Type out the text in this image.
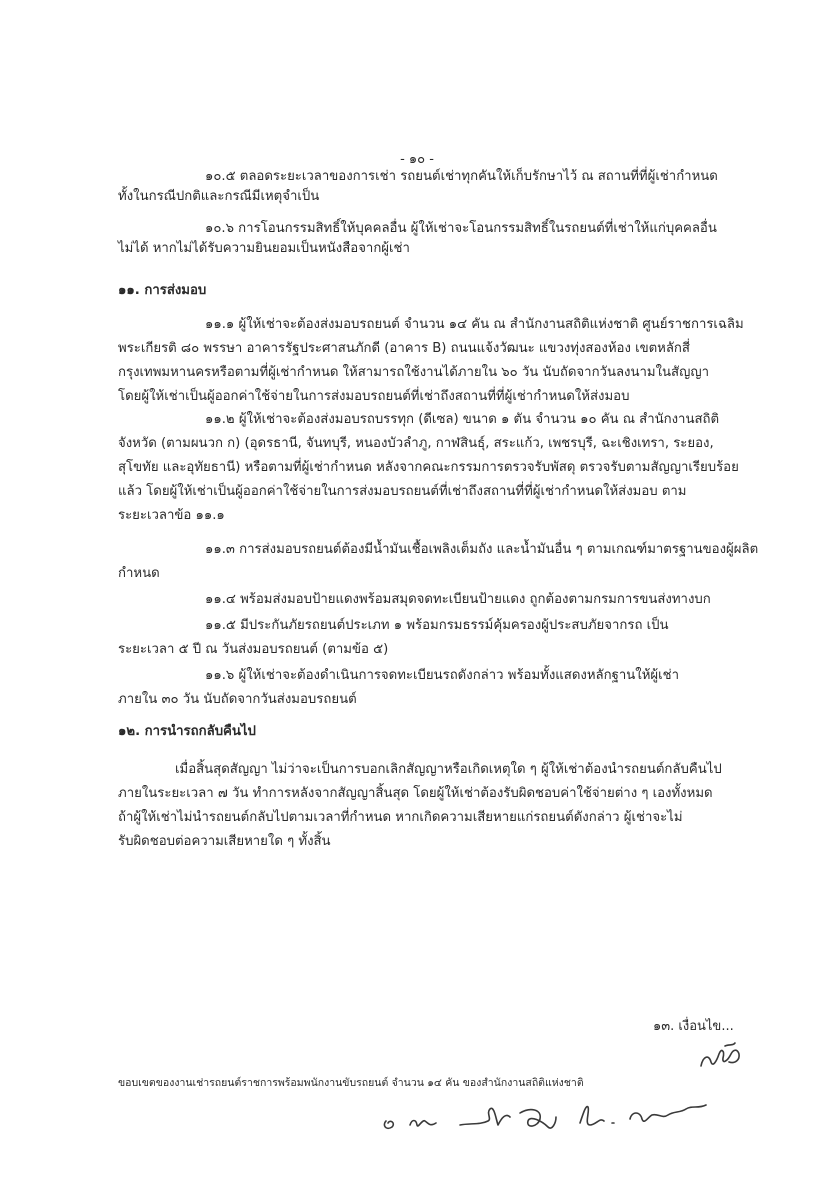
- ๑๐ -
๑๐.๕ ตลอดระยะเวลาของการเช่า รถยนต์เช่าทุกคันให้เก็บรักษาไว้ ณ สถานที่ที่ผู้เช่ากำหนด
ทั้งในกรณีปกติและกรณีมีเหตุจำเป็น
๑๐.๖ การโอนกรรมสิทธิ์ให้บุคคลอื่น ผู้ให้เช่าจะโอนกรรมสิทธิ์ในรถยนต์ที่เช่าให้แก่บุคคลอื่น
ไม่ได้ หากไม่ได้รับความยินยอมเป็นหนังสือจากผู้เช่า
๑๑. การส่งมอบ
๑๑.๑ ผู้ให้เช่าจะต้องส่งมอบรถยนต์ จำนวน ๑๔ คัน ณ สำนักงานสถิติแห่งชาติ ศูนย์ราชการเฉลิม
พระเกียรติ ๘๐ พรรษา อาคารรัฐประศาสนภักดี (อาคาร B) ถนนแจ้งวัฒนะ แขวงทุ่งสองห้อง เขตหลักสี่
กรุงเทพมหานครหรือตามที่ผู้เช่ากำหนด ให้สามารถใช้งานได้ภายใน ๖๐ วัน นับถัดจากวันลงนามในสัญญา
โดยผู้ให้เช่าเป็นผู้ออกค่าใช้จ่ายในการส่งมอบรถยนต์ที่เช่าถึงสถานที่ที่ผู้เช่ากำหนดให้ส่งมอบ
๑๑.๒ ผู้ให้เช่าจะต้องส่งมอบรถบรรทุก (ดีเซล) ขนาด ๑ ตัน จำนวน ๑๐ คัน ณ สำนักงานสถิติ
จังหวัด (ตามผนวก ก) (อุดรธานี, จันทบุรี, หนองบัวลำภู, กาฬสินธุ์, สระแก้ว, เพชรบุรี, ฉะเชิงเทรา, ระยอง,
สุโขทัย และอุทัยธานี) หรือตามที่ผู้เช่ากำหนด หลังจากคณะกรรมการตรวจรับพัสดุ ตรวจรับตามสัญญาเรียบร้อย
แล้ว โดยผู้ให้เช่าเป็นผู้ออกค่าใช้จ่ายในการส่งมอบรถยนต์ที่เช่าถึงสถานที่ที่ผู้เช่ากำหนดให้ส่งมอบ ตาม
ระยะเวลาข้อ ๑๑.๑
๑๑.๓ การส่งมอบรถยนต์ต้องมีน้ำมันเชื้อเพลิงเต็มถัง และน้ำมันอื่น ๆ ตามเกณฑ์มาตรฐานของผู้ผลิต
กำหนด
๑๑.๔ พร้อมส่งมอบป้ายแดงพร้อมสมุดจดทะเบียนป้ายแดง ถูกต้องตามกรมการขนส่งทางบก
๑๑.๕ มีประกันภัยรถยนต์ประเภท ๑ พร้อมกรมธรรม์คุ้มครองผู้ประสบภัยจากรถ เป็น
ระยะเวลา ๕ ปี ณ วันส่งมอบรถยนต์ (ตามข้อ ๕)
๑๑.๖ ผู้ให้เช่าจะต้องดำเนินการจดทะเบียนรถดังกล่าว พร้อมทั้งแสดงหลักฐานให้ผู้เช่า
ภายใน ๓๐ วัน นับถัดจากวันส่งมอบรถยนต์
๑๒. การนำรถกลับคืนไป
เมื่อสิ้นสุดสัญญา ไม่ว่าจะเป็นการบอกเลิกสัญญาหรือเกิดเหตุใด ๆ ผู้ให้เช่าต้องนำรถยนต์กลับคืนไป
ภายในระยะเวลา ๗ วัน ทำการหลังจากสัญญาสิ้นสุด โดยผู้ให้เช่าต้องรับผิดชอบค่าใช้จ่ายต่าง ๆ เองทั้งหมด
ถ้าผู้ให้เช่าไม่นำรถยนต์กลับไปตามเวลาที่กำหนด หากเกิดความเสียหายแก่รถยนต์ดังกล่าว ผู้เช่าจะไม่
รับผิดชอบต่อความเสียหายใด ๆ ทั้งสิ้น
๑๓. เงื่อนไข...
ขอบเขตของงานเช่ารถยนต์ราชการพร้อมพนักงานขับรถยนต์ จำนวน ๑๔ คัน ของสำนักงานสถิติแห่งชาติ
